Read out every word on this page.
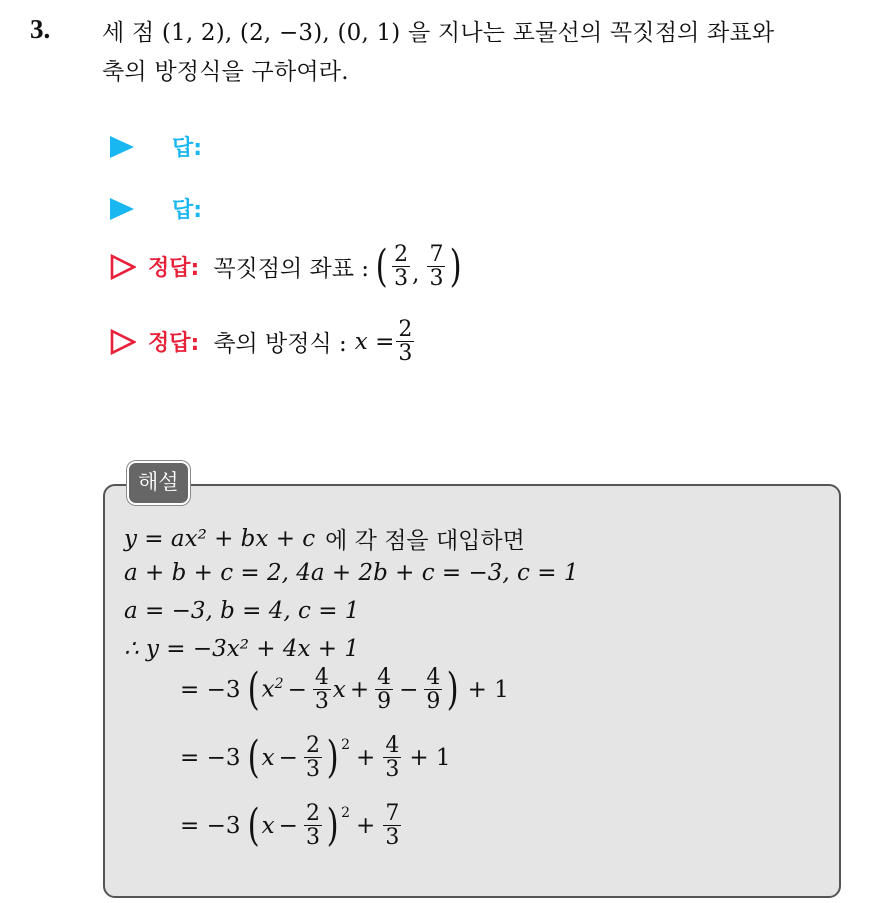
3. 세 점 (1, 2), (2, −3), (0, 1) 을 지나는 포물선의 꼭짓점의 좌표와
축의 방정식을 구하여라.
답:
답:
정답: 꼭짓점의 좌표 : ( $\frac{2}{3}$ , $\frac{7}{3}$ )
정답: 축의 방정식 : $x = \frac{2}{3}$
해설
y = ax² + bx + c 에 각 점을 대입하면
a + b + c = 2, 4a + 2b + c = −3, c = 1
a = −3, b = 4, c = 1
∴ y = −3x² + 4x + 1
= −3 ( $x^2 - \frac{4}{3}$ $x + \frac{4}{9} - \frac{4}{9}$ ) + 1
= −3 ( $x - \frac{2}{3}$ ) $2 + \frac{4}{3} + 1$
= −3 ( $x - \frac{2}{3}$ ) $2 + \frac{7}{3}$
